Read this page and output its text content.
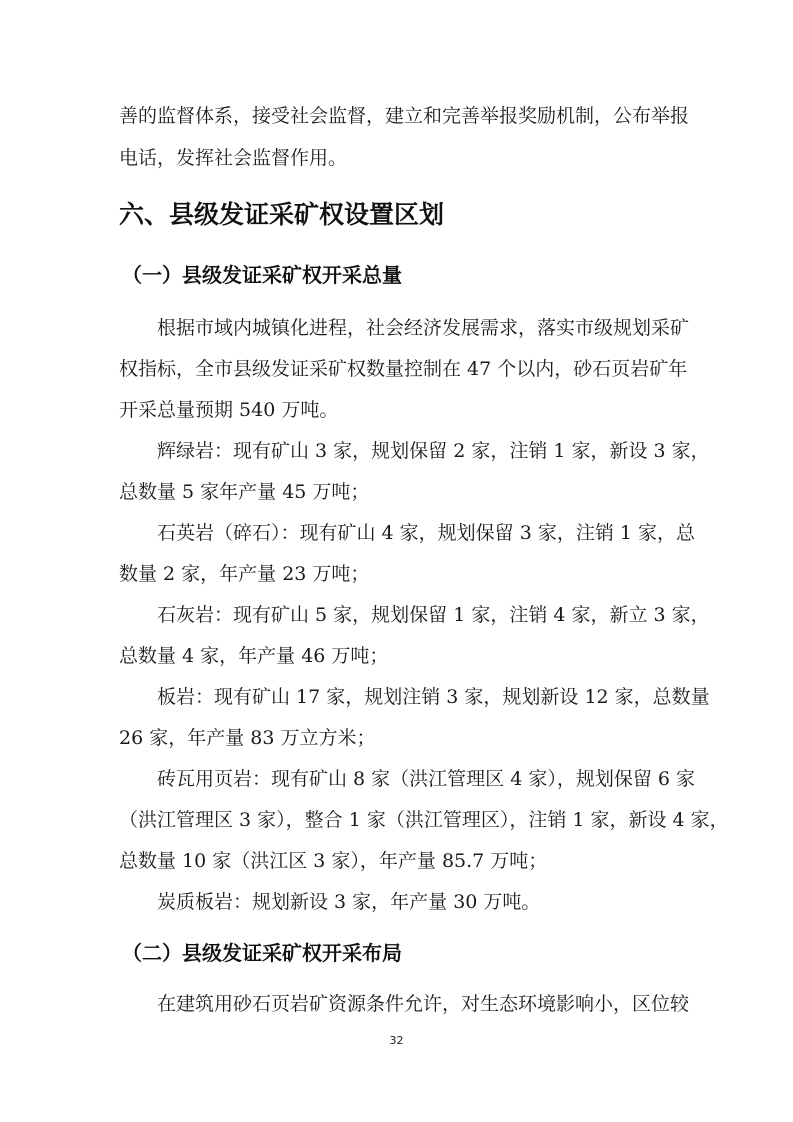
善的监督体系，接受社会监督，建立和完善举报奖励机制，公布举报
电话，发挥社会监督作用。
六、县级发证采矿权设置区划
（一）县级发证采矿权开采总量
根据市域内城镇化进程，社会经济发展需求，落实市级规划采矿
权指标，全市县级发证采矿权数量控制在 47 个以内，砂石页岩矿年
开采总量预期 540 万吨。
辉绿岩：现有矿山 3 家，规划保留 2 家，注销 1 家，新设 3 家，
总数量 5 家年产量 45 万吨；
石英岩（碎石）：现有矿山 4 家，规划保留 3 家，注销 1 家，总
数量 2 家，年产量 23 万吨；
石灰岩：现有矿山 5 家，规划保留 1 家，注销 4 家，新立 3 家，
总数量 4 家，年产量 46 万吨；
板岩：现有矿山 17 家，规划注销 3 家，规划新设 12 家，总数量
26 家，年产量 83 万立方米；
砖瓦用页岩：现有矿山 8 家（洪江管理区 4 家），规划保留 6 家
（洪江管理区 3 家），整合 1 家（洪江管理区），注销 1 家，新设 4 家，
总数量 10 家（洪江区 3 家），年产量 85.7 万吨；
炭质板岩：规划新设 3 家，年产量 30 万吨。
（二）县级发证采矿权开采布局
在建筑用砂石页岩矿资源条件允许，对生态环境影响小，区位较
32
